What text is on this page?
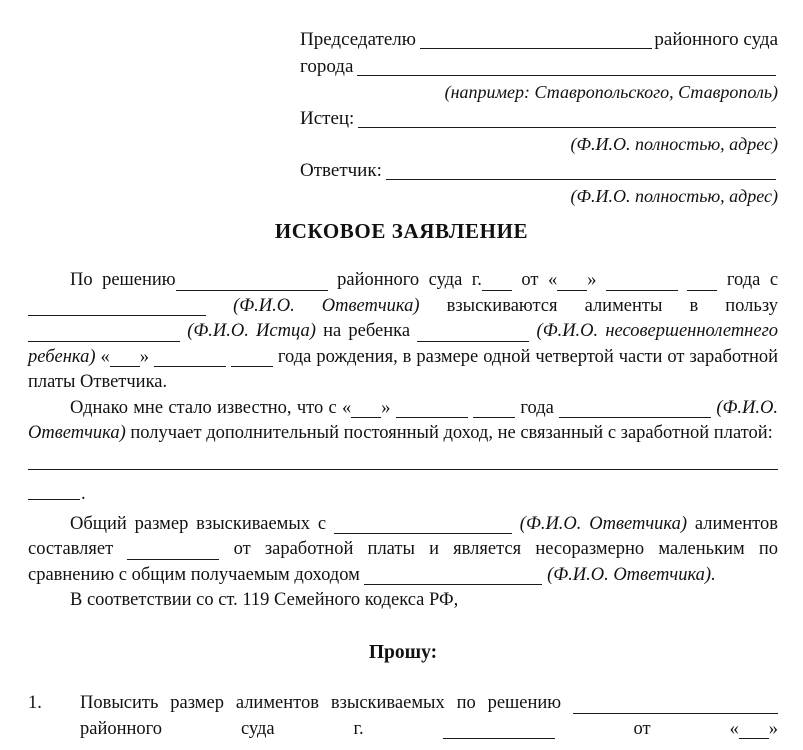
Председателю	районного суда
города
(например: Ставропольского, Ставрополь)
Истец:
(Ф.И.О. полностью, адрес)
Ответчик:
(Ф.И.О. полностью, адрес)
ИСКОВОЕ ЗАЯВЛЕНИЕ

По решению	районного суда г. от « »	года с  (Ф.И.О. Ответчика) взыскиваются алименты в пользу  (Ф.И.О. Истца) на ребенка	(Ф.И.О. несовершеннолетнего ребенка) « »	года рождения, в размере одной четвертой части от заработной платы Ответчика.

Однако мне стало известно, что с « »	года	(Ф.И.О. Ответчика) получает дополнительный постоянный доход, не связанный с заработной платой:

.

Общий размер взыскиваемых с	(Ф.И.О. Ответчика) алиментов составляет	от заработной платы и является несоразмерно маленьким по сравнению с общим получаемым доходом	(Ф.И.О. Ответчика).

В соответствии со ст. 119 Семейного кодекса РФ,

Прошу:
1.	Повысить размер алиментов взыскиваемых по решению  районного	суда	г.	от	« »
